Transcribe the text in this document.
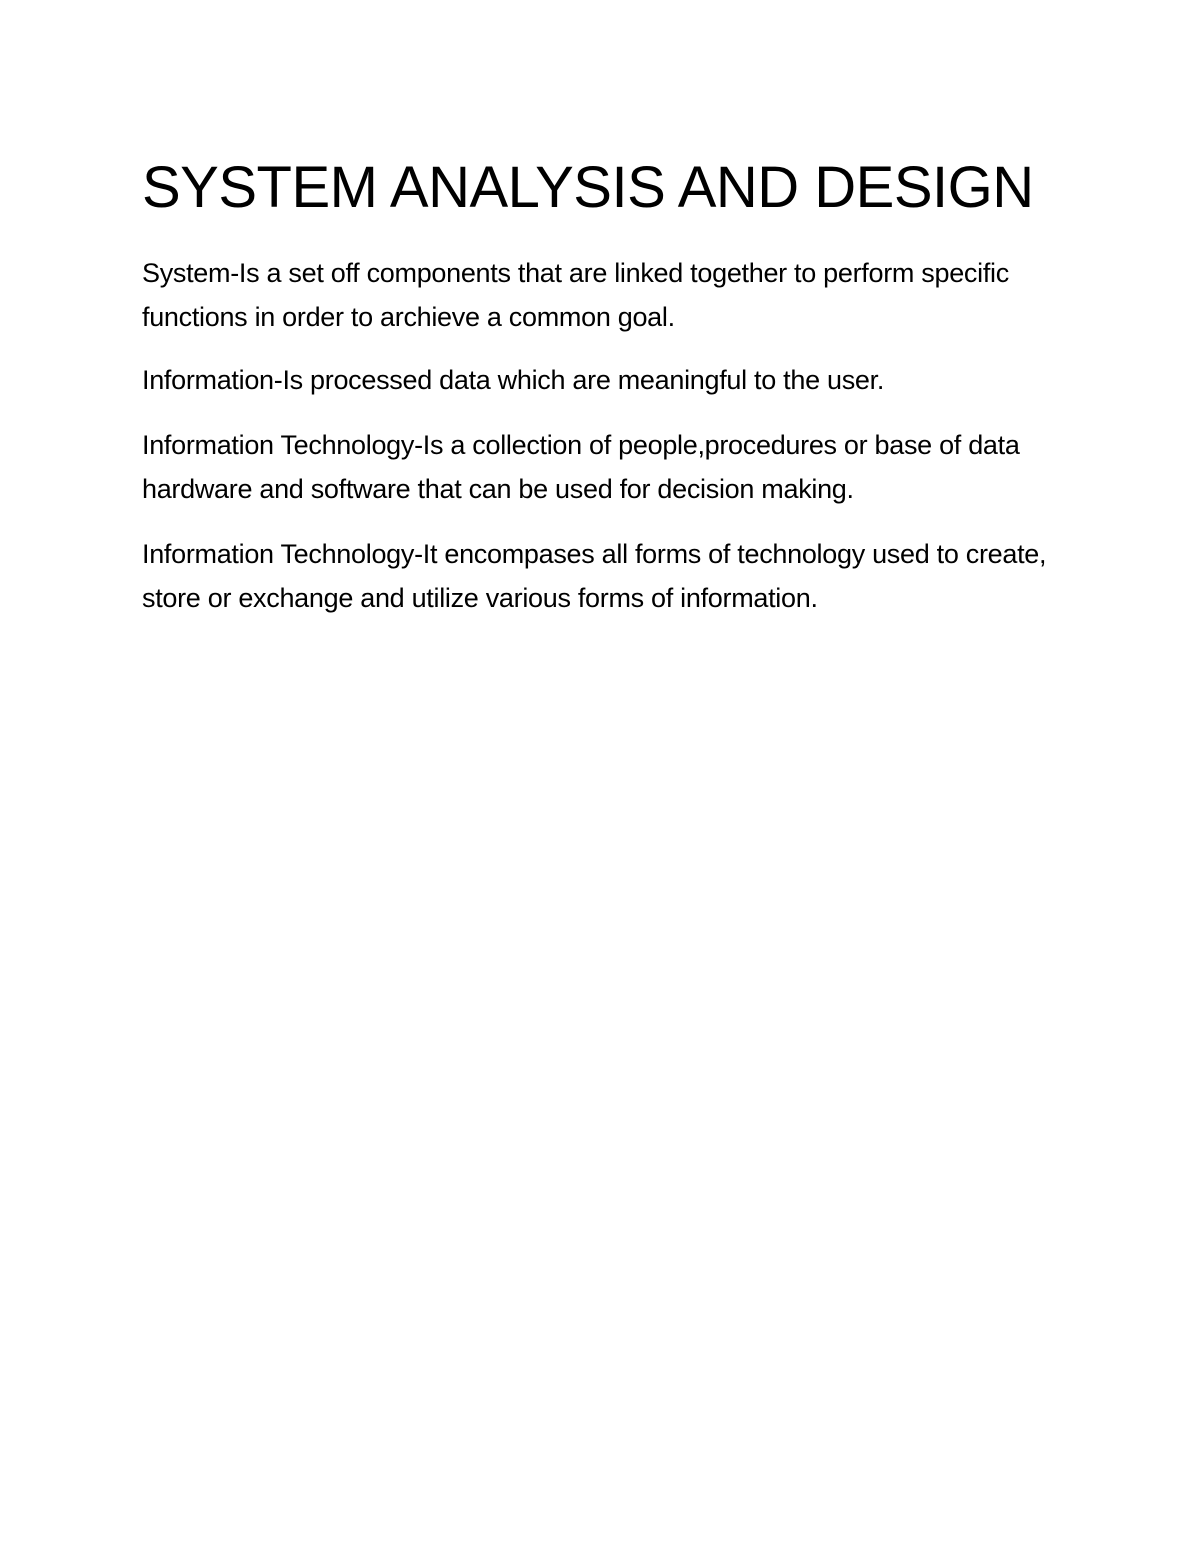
SYSTEM ANALYSIS AND DESIGN

System-Is a set off components that are linked together to perform specific functions in order to archieve a common goal.

Information-Is processed data which are meaningful to the user.

Information Technology-Is a collection of people,procedures or base of data hardware and software that can be used for decision making.

Information Technology-It encompases all forms of technology used to create, store or exchange and utilize various forms of information.
